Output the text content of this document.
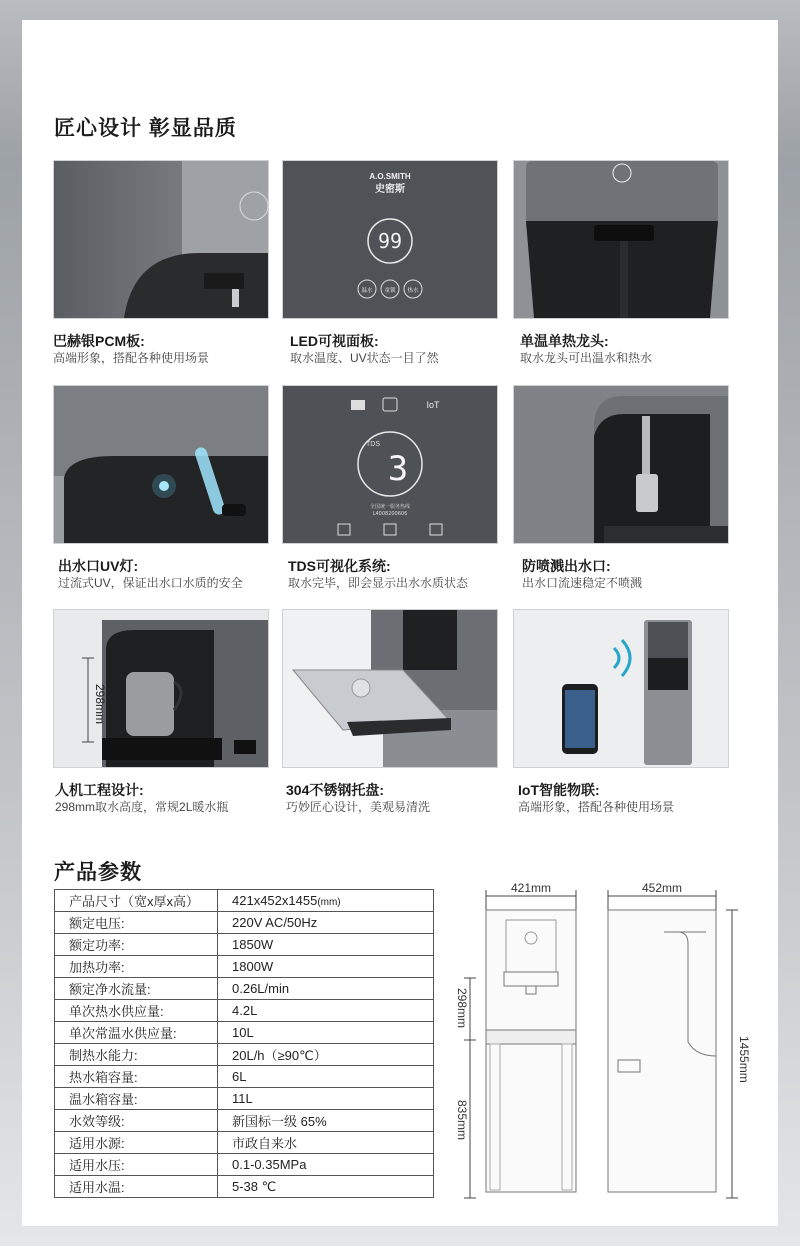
匠心设计 彰显品质
A.O.SMITH
史密斯
99
温水 童锁 热水
巴赫银PCM板:
高端形象，搭配各种使用场景
LED可视面板:
取水温度、UV状态一目了然
单温单热龙头:
取水龙头可出温水和热水
IoT
TDS
3
全国统一服务热线
L4008200606
出水口UV灯:
过流式UV，保证出水口水质的安全
TDS可视化系统:
取水完毕，即会显示出水水质状态
防喷溅出水口:
出水口流速稳定不喷溅
298mm
人机工程设计:
298mm取水高度，常规2L暖水瓶
304不锈钢托盘:
巧妙匠心设计，美观易清洗
IoT智能物联:
高端形象，搭配各种使用场景
产品参数
产品尺寸（宽x厚x高）	421x452x1455(mm)
额定电压:	220V AC/50Hz
额定功率:	1850W
加热功率:	1800W
额定净水流量:	0.26L/min
单次热水供应量:	4.2L
单次常温水供应量:	10L
制热水能力:	20L/h（≥90℃）
热水箱容量:	6L
温水箱容量:	11L
水效等级:	新国标一级 65%
适用水源:	市政自来水
适用水压:	0.1-0.35MPa
适用水温:	5-38 ℃
421mm	452mm
298mm
835mm
1455mm
